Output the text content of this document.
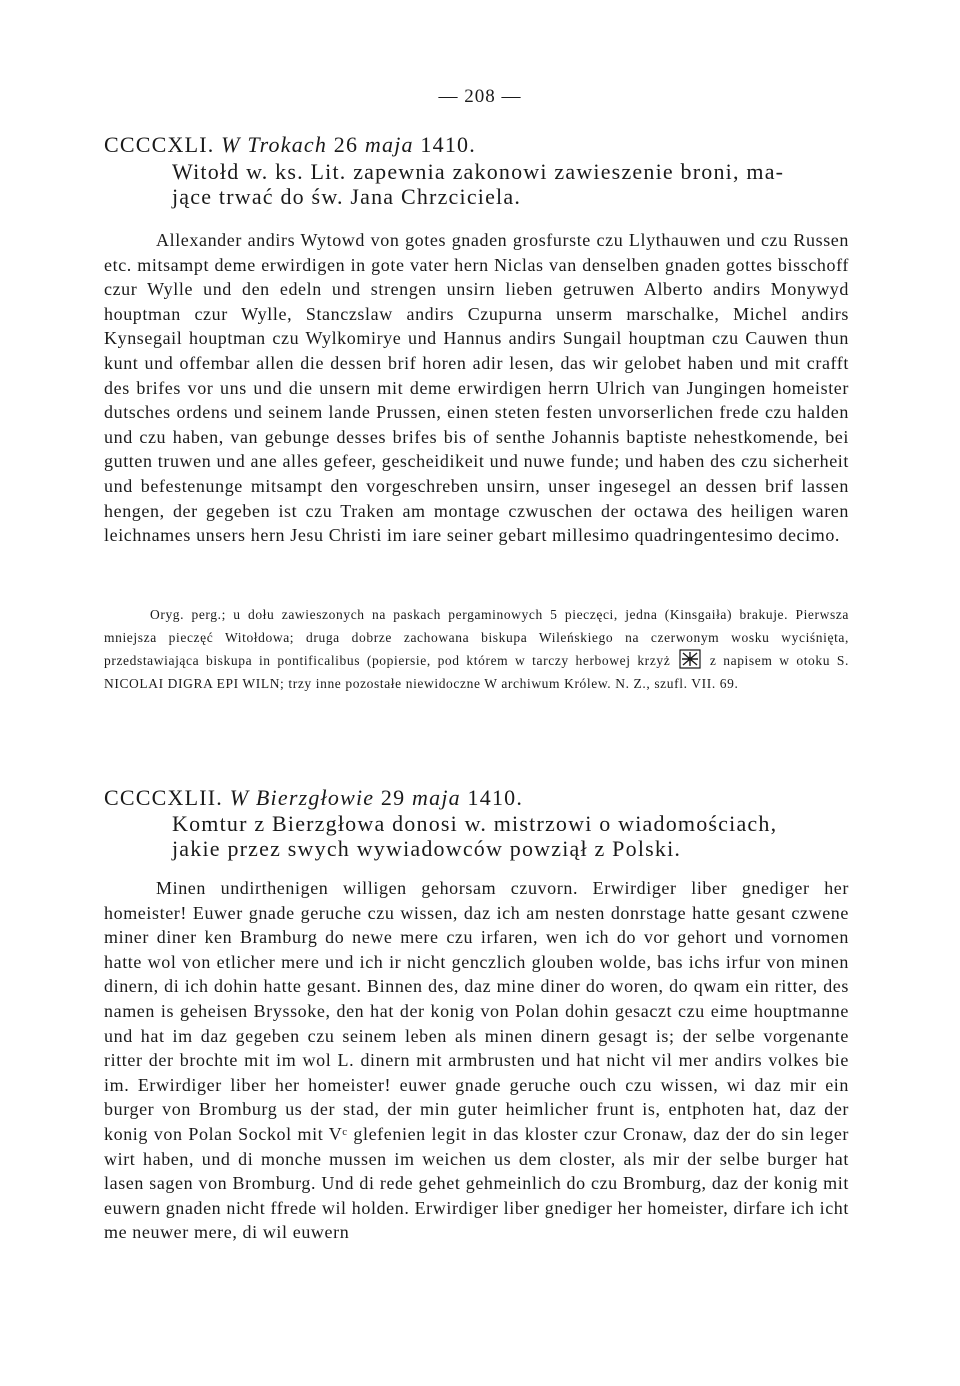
— 208 —
CCCCXLI. W Trokach 26 maja 1410.
Witołd w. ks. Lit. zapewnia zakonowi zawieszenie broni, ma-
jące trwać do św. Jana Chrzciciela.

Allexander andirs Wytowd von gotes gnaden grosfurste czu Llythauwen und czu Russen etc. mitsampt deme erwirdigen in gote vater hern Niclas van denselben gnaden gottes bisschoff czur Wylle und den edeln und strengen unsirn lieben getruwen Alberto andirs Monywyd houptman czur Wylle, Stanczslaw andirs Czupurna unserm marschalke, Michel andirs Kynsegail houptman czu Wylkomirye und Hannus andirs Sungail houptman czu Cauwen thun kunt und offembar allen die dessen brif horen adir lesen, das wir gelobet haben und mit crafft des brifes vor uns und die unsern mit deme erwirdigen herrn Ulrich van Jungingen homeister dutsches ordens und seinem lande Prussen, einen steten festen unvorserlichen frede czu halden und czu haben, van gebunge desses brifes bis of senthe Johannis baptiste nehestkomende, bei gutten truwen und ane alles gefeer, gescheidikeit und nuwe funde; und haben des czu sicherheit und befestenunge mitsampt den vorgeschreben unsirn, unser ingesegel an dessen brif lassen hengen, der gegeben ist czu Traken am montage czwuschen der octawa des heiligen waren leichnames unsers hern Jesu Christi im iare seiner gebart millesimo quadringentesimo decimo.

Oryg. perg.; u dołu zawieszonych na paskach pergaminowych 5 pieczęci, jedna (Kinsgaiła) brakuje. Pierwsza mniejsza pieczęć Witołdowa; druga dobrze zachowana biskupa Wileńskiego na czerwonym wosku wyciśnięta, przedstawiająca biskupa in pontificalibus (popiersie, pod którem w tarczy herbowej krzyż	z napisem w otoku S. NICOLAI DIGRA EPI WILN; trzy inne pozostałe niewidoczne W archiwum Królew. N. Z., szufl. VII. 69.

CCCCXLII. W Bierzgłowie 29 maja 1410.
Komtur z Bierzgłowa donosi w. mistrzowi o wiadomościach,
jakie przez swych wywiadowców powziął z Polski.

Minen undirthenigen willigen gehorsam czuvorn. Erwirdiger liber gnediger her homeister! Euwer gnade geruche czu wissen, daz ich am nesten donrstage hatte gesant czwene miner diner ken Bramburg do newe mere czu irfaren, wen ich do vor gehort und vornomen hatte wol von etlicher mere und ich ir nicht genczlich glouben wolde, bas ichs irfur von minen dinern, di ich dohin hatte gesant. Binnen des, daz mine diner do woren, do qwam ein ritter, des namen is geheisen Bryssoke, den hat der konig von Polan dohin gesaczt czu eime houptmanne und hat im daz gegeben czu seinem leben als minen dinern gesagt is; der selbe vorgenante ritter der brochte mit im wol L. dinern mit armbrusten und hat nicht vil mer andirs volkes bie im. Erwirdiger liber her homeister! euwer gnade geruche ouch czu wissen, wi daz mir ein burger von Bromburg us der stad, der min guter heimlicher frunt is, entphoten hat, daz der konig von Polan Sockol mit Vᶜ glefenien legit in das kloster czur Cronaw, daz der do sin leger wirt haben, und di monche mussen im weichen us dem closter, als mir der selbe burger hat lasen sagen von Bromburg. Und di rede gehet gehmeinlich do czu Bromburg, daz der konig mit euwern gnaden nicht ffrede wil holden. Erwirdiger liber gnediger her homeister, dirfare ich icht me neuwer mere, di wil euwern
